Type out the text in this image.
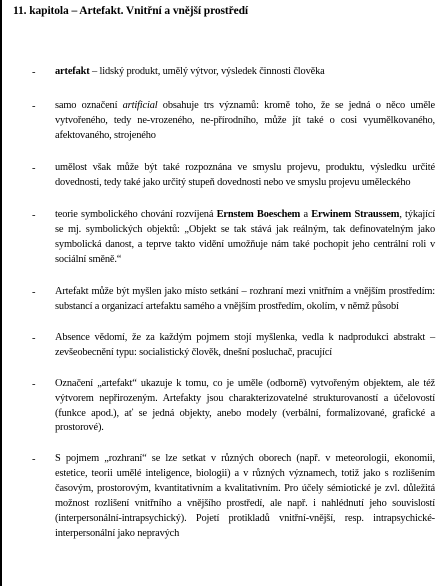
11. kapitola – Artefakt. Vnitřní a vnější prostředí
- artefakt – lidský produkt, umělý výtvor, výsledek činnosti člověka
- samo označení artificial obsahuje trs významů: kromě toho, že se jedná o něco uměle vytvořeného, tedy ne-vrozeného, ne-přírodního, může jít také o cosi vyumělkovaného, afektovaného, strojeného
- umělost však může být také rozpoznána ve smyslu projevu, produktu, výsledku určité dovednosti, tedy také jako určitý stupeň dovednosti nebo ve smyslu projevu uměleckého
- teorie symbolického chování rozvíjená Ernstem Boeschem a Erwinem Straussem, týkající se mj. symbolických objektů: „Objekt se tak stává jak reálným, tak definovatelným jako symbolická danost, a teprve takto vidění umožňuje nám také pochopit jeho centrální roli v sociální směně.“
- Artefakt může být myšlen jako místo setkání – rozhraní mezi vnitřním a vnějším prostředím: substancí a organizací artefaktu samého a vnějším prostředím, okolím, v němž působí
- Absence vědomí, že za každým pojmem stojí myšlenka, vedla k nadprodukci abstrakt – zevšeobecnění typu: socialistický člověk, dnešní posluchač, pracující
- Označení „artefakt“ ukazuje k tomu, co je uměle (odborně) vytvořeným objektem, ale též výtvorem nepřirozeným. Artefakty jsou charakterizovatelné strukturovaností a účelovostí (funkce apod.), ať se jedná objekty, anebo modely (verbální, formalizované, grafické a prostorové).
- S pojmem „rozhraní“ se lze setkat v různých oborech (např. v meteorologii, ekonomii, estetice, teorii umělé inteligence, biologii) a v různých významech, totiž jako s rozlišením časovým, prostorovým, kvantitativním a kvalitativním. Pro účely sémiotické je zvl. důležitá možnost rozlišení vnitřního a vnějšího prostředí, ale např. i nahlédnutí jeho souvislostí (interpersonální-intrapsychický). Pojetí protikladů vnitřní-vnější, resp. intrapsychické-interpersonální jako nepravých
